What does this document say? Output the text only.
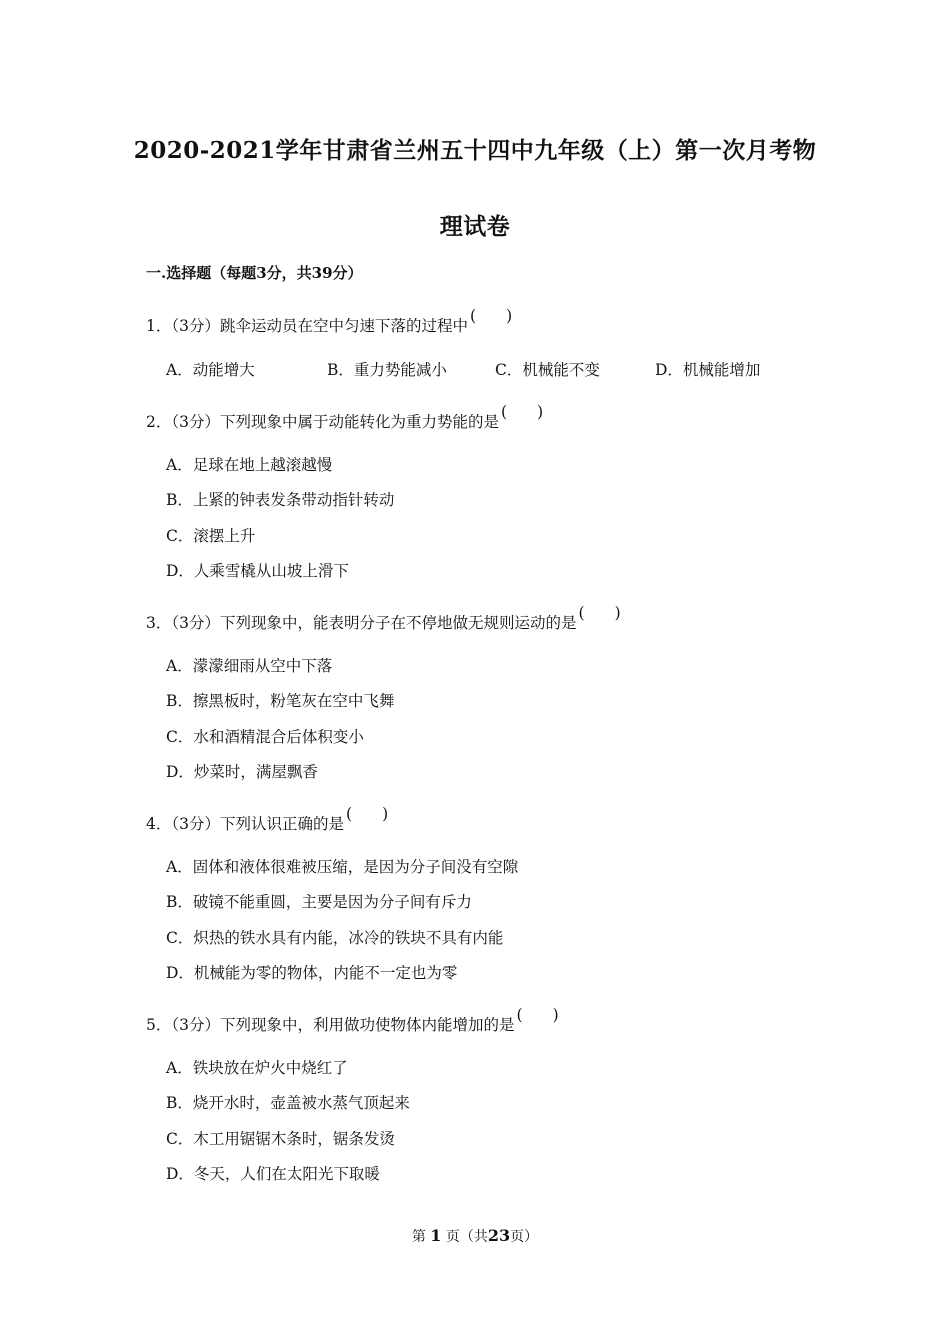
2020-2021学年甘肃省兰州五十四中九年级（上）第一次月考物
理试卷
一.选择题（每题3分，共39分）
1．（3分）跳伞运动员在空中匀速下落的过程中( )
A．动能增大	B．重力势能减小	C．机械能不变	D．机械能增加
2．（3分）下列现象中属于动能转化为重力势能的是( )
A．足球在地上越滚越慢
B．上紧的钟表发条带动指针转动
C．滚摆上升
D．人乘雪橇从山坡上滑下
3．（3分）下列现象中，能表明分子在不停地做无规则运动的是( )
A．濛濛细雨从空中下落
B．擦黑板时，粉笔灰在空中飞舞
C．水和酒精混合后体积变小
D．炒菜时，满屋飘香
4．（3分）下列认识正确的是( )
A．固体和液体很难被压缩，是因为分子间没有空隙
B．破镜不能重圆，主要是因为分子间有斥力
C．炽热的铁水具有内能，冰冷的铁块不具有内能
D．机械能为零的物体，内能不一定也为零
5．（3分）下列现象中，利用做功使物体内能增加的是( )
A．铁块放在炉火中烧红了
B．烧开水时，壶盖被水蒸气顶起来
C．木工用锯锯木条时，锯条发烫
D．冬天，人们在太阳光下取暖
第 1 页（共23页）
